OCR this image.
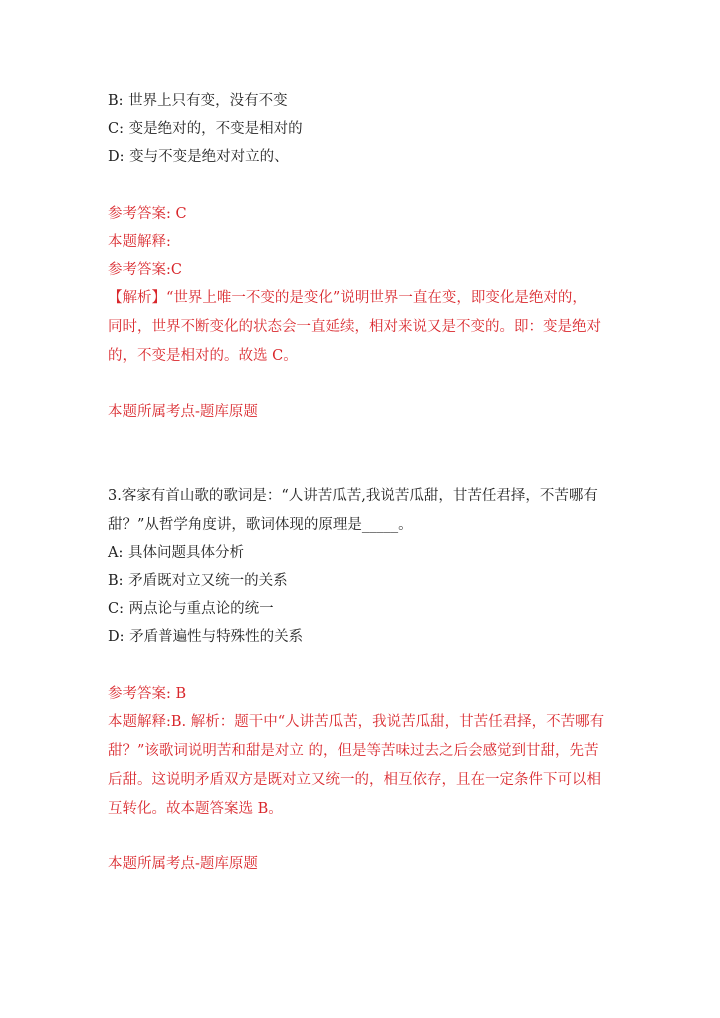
B: 世界上只有变，没有不变
C: 变是绝对的，不变是相对的
D: 变与不变是绝对对立的、
参考答案: C
本题解释:
参考答案:C
【解析】“世界上唯一不变的是变化”说明世界一直在变，即变化是绝对的，
同时，世界不断变化的状态会一直延续，相对来说又是不变的。即：变是绝对
的，不变是相对的。故选 C。
本题所属考点-题库原题
3.客家有首山歌的歌词是：“人讲苦瓜苦,我说苦瓜甜，甘苦任君择，不苦哪有
甜？”从哲学角度讲，歌词体现的原理是_____。
A: 具体问题具体分析
B: 矛盾既对立又统一的关系
C: 两点论与重点论的统一
D: 矛盾普遍性与特殊性的关系
参考答案: B
本题解释:B. 解析：题干中“人讲苦瓜苦，我说苦瓜甜，甘苦任君择，不苦哪有
甜？”该歌词说明苦和甜是对立 的，但是等苦味过去之后会感觉到甘甜，先苦
后甜。这说明矛盾双方是既对立又统一的，相互依存，且在一定条件下可以相
互转化。故本题答案选 B。
本题所属考点-题库原题
